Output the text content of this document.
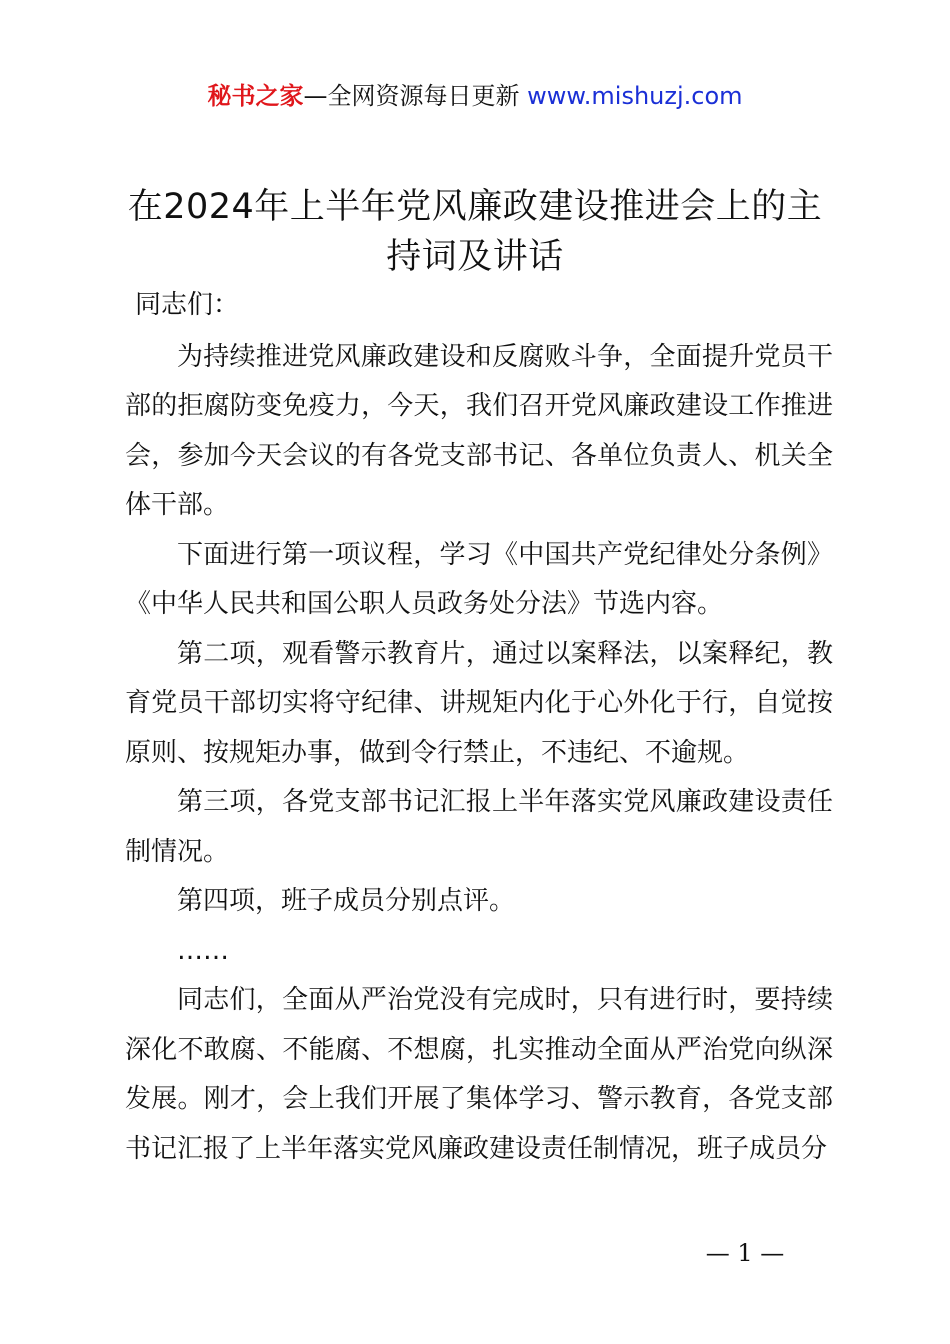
秘书之家—全网资源每日更新 www.mishuzj.com
在2024年上半年党风廉政建设推进会上的主持词及讲话

同志们：

为持续推进党风廉政建设和反腐败斗争，全面提升党员干部的拒腐防变免疫力，今天，我们召开党风廉政建设工作推进会，参加今天会议的有各党支部书记、各单位负责人、机关全体干部。

下面进行第一项议程，学习《中国共产党纪律处分条例》《中华人民共和国公职人员政务处分法》节选内容。

第二项，观看警示教育片，通过以案释法，以案释纪，教育党员干部切实将守纪律、讲规矩内化于心外化于行，自觉按原则、按规矩办事，做到令行禁止，不违纪、不逾规。

第三项，各党支部书记汇报上半年落实党风廉政建设责任制情况。

第四项，班子成员分别点评。

……

同志们，全面从严治党没有完成时，只有进行时，要持续深化不敢腐、不能腐、不想腐，扎实推动全面从严治党向纵深发展。刚才，会上我们开展了集体学习、警示教育，各党支部书记汇报了上半年落实党风廉政建设责任制情况，班子成员分

— 1 —
